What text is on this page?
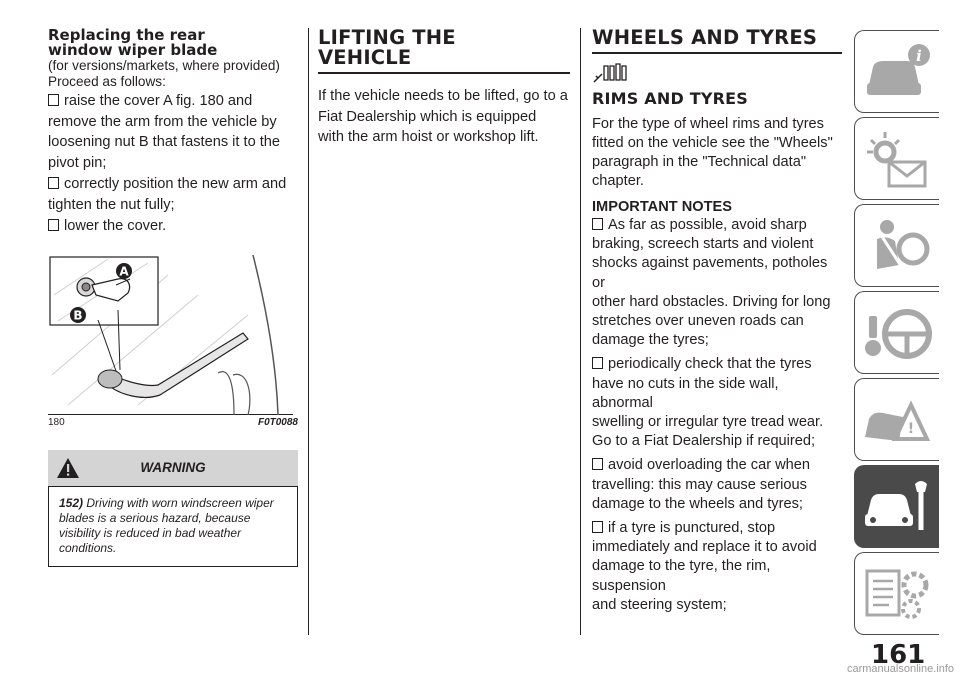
Replacing the rear
window wiper blade
(for versions/markets, where provided)
Proceed as follows:
raise the cover A fig. 180 and
remove the arm from the vehicle by
loosening nut B that fastens it to the
pivot pin;
correctly position the new arm and
tighten the nut fully;
lower the cover.
A
B
180	F0T0088
WARNING
152) Driving with worn windscreen wiper
blades is a serious hazard, because
visibility is reduced in bad weather
conditions.
LIFTING THE
VEHICLE
If the vehicle needs to be lifted, go to a
Fiat Dealership which is equipped
with the arm hoist or workshop lift.
WHEELS AND TYRES
RIMS AND TYRES
For the type of wheel rims and tyres
fitted on the vehicle see the "Wheels"
paragraph in the "Technical data"
chapter.
IMPORTANT NOTES
As far as possible, avoid sharp
braking, screech starts and violent
shocks against pavements, potholes or
other hard obstacles. Driving for long
stretches over uneven roads can
damage the tyres;
periodically check that the tyres
have no cuts in the side wall, abnormal
swelling or irregular tyre tread wear.
Go to a Fiat Dealership if required;
avoid overloading the car when
travelling: this may cause serious
damage to the wheels and tyres;
if a tyre is punctured, stop
immediately and replace it to avoid
damage to the tyre, the rim, suspension
and steering system;
i
!
161
carmanualsonline.info
